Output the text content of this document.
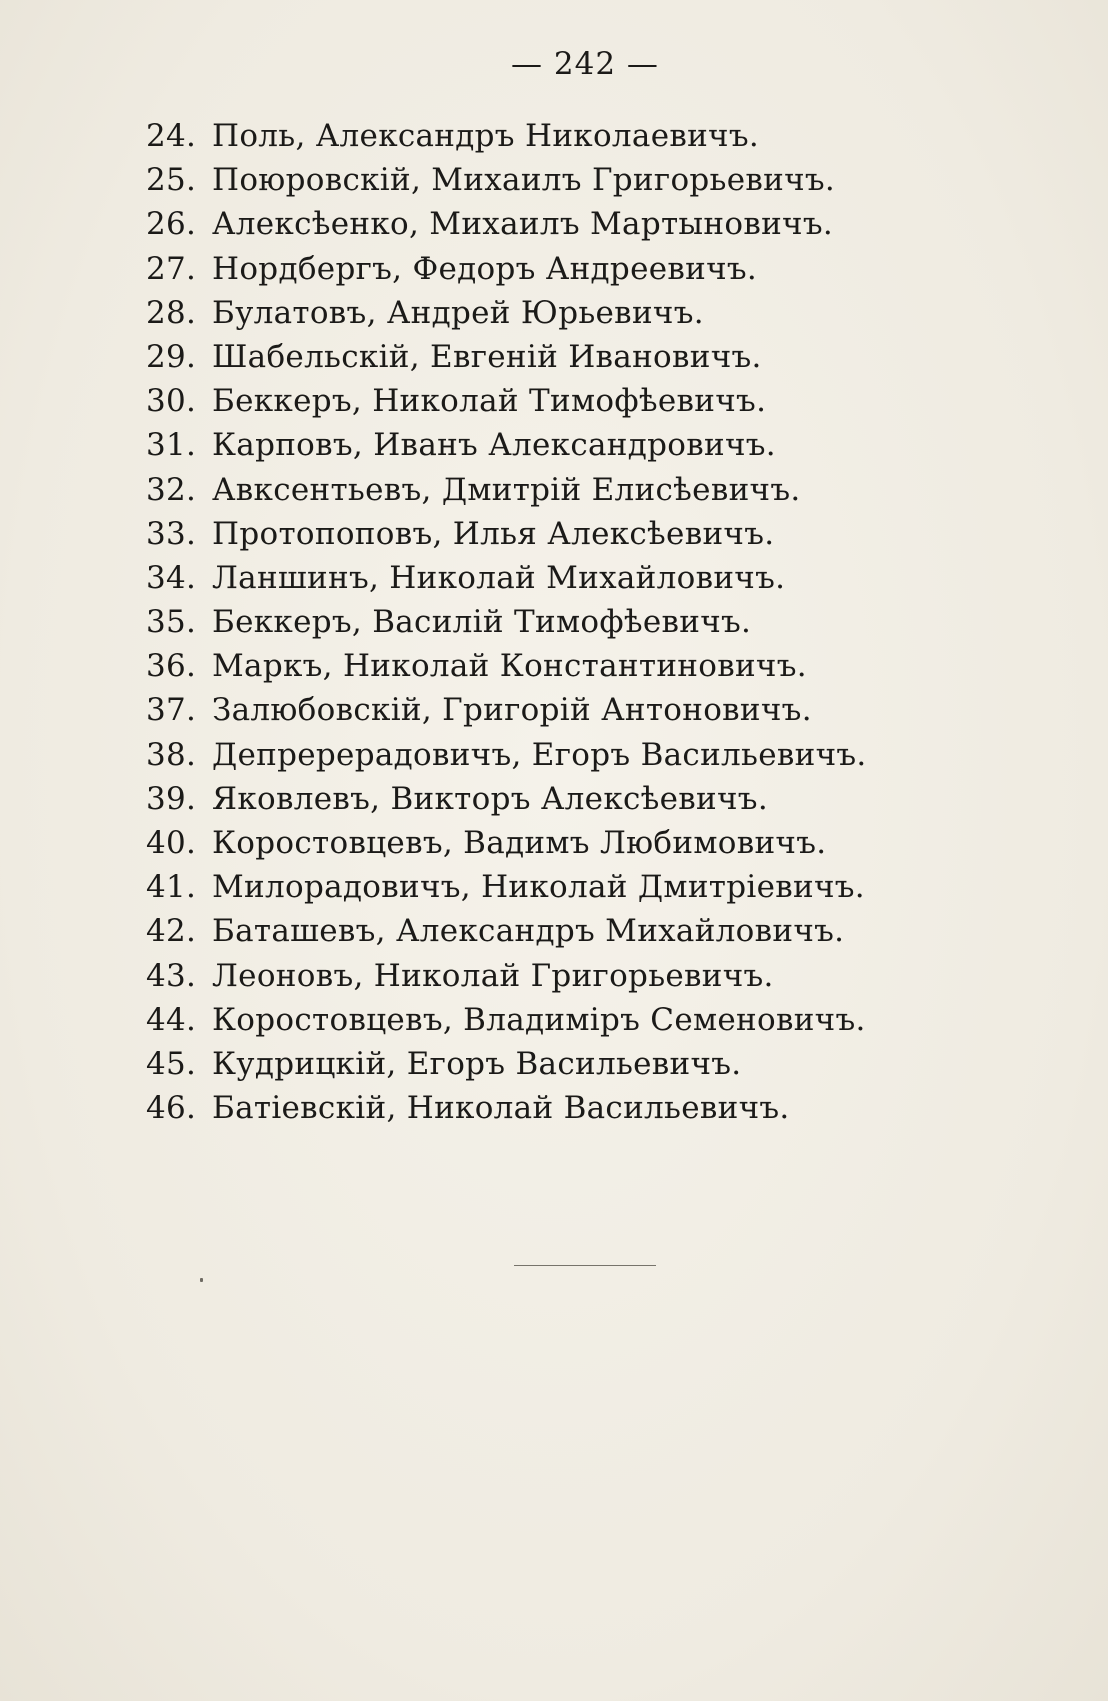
— 242 —
24. Поль, Александръ Николаевичъ.
25. Поюровскій, Михаилъ Григорьевичъ.
26. Алексѣенко, Михаилъ Мартыновичъ.
27. Нордбергъ, Федоръ Андреевичъ.
28. Булатовъ, Андрей Юрьевичъ.
29. Шабельскій, Евгеній Ивановичъ.
30. Беккеръ, Николай Тимофѣевичъ.
31. Карповъ, Иванъ Александровичъ.
32. Авксентьевъ, Дмитрій Елисѣевичъ.
33. Протопоповъ, Илья Алексѣевичъ.
34. Ланшинъ, Николай Михайловичъ.
35. Беккеръ, Василій Тимофѣевичъ.
36. Маркъ, Николай Константиновичъ.
37. Залюбовскій, Григорій Антоновичъ.
38. Депререрадовичъ, Егоръ Васильевичъ.
39. Яковлевъ, Викторъ Алексѣевичъ.
40. Коростовцевъ, Вадимъ Любимовичъ.
41. Милорадовичъ, Николай Дмитріевичъ.
42. Баташевъ, Александръ Михайловичъ.
43. Леоновъ, Николай Григорьевичъ.
44. Коростовцевъ, Владиміръ Семеновичъ.
45. Кудрицкій, Егоръ Васильевичъ.
46. Батіевскій, Николай Васильевичъ.
